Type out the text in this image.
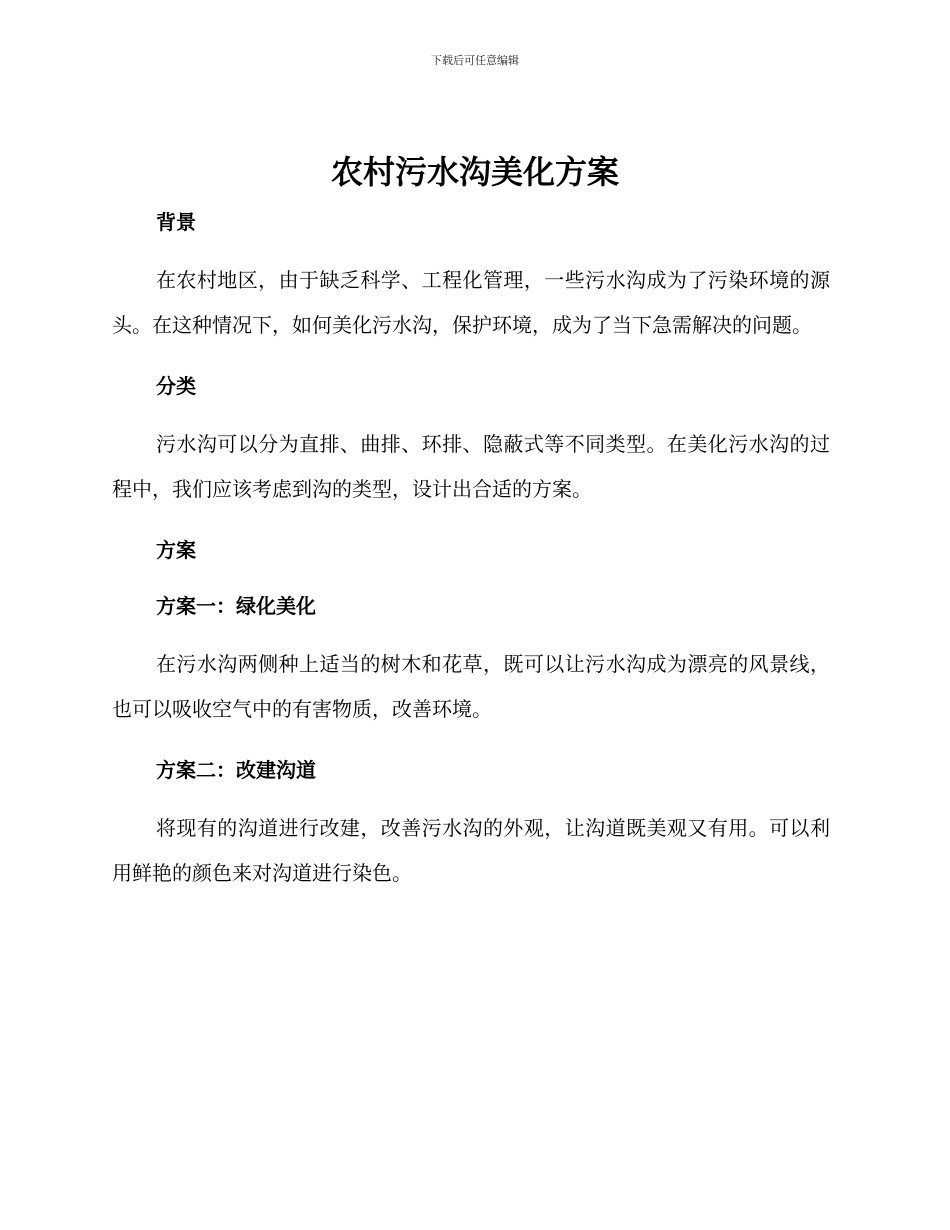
下载后可任意编辑
农村污水沟美化方案
背景

在农村地区，由于缺乏科学、工程化管理，一些污水沟成为了污染环境的源头。在这种情况下，如何美化污水沟，保护环境，成为了当下急需解决的问题。

分类

污水沟可以分为直排、曲排、环排、隐蔽式等不同类型。在美化污水沟的过程中，我们应该考虑到沟的类型，设计出合适的方案。

方案
方案一：绿化美化

在污水沟两侧种上适当的树木和花草，既可以让污水沟成为漂亮的风景线，也可以吸收空气中的有害物质，改善环境。

方案二：改建沟道

将现有的沟道进行改建，改善污水沟的外观，让沟道既美观又有用。可以利用鲜艳的颜色来对沟道进行染色。
